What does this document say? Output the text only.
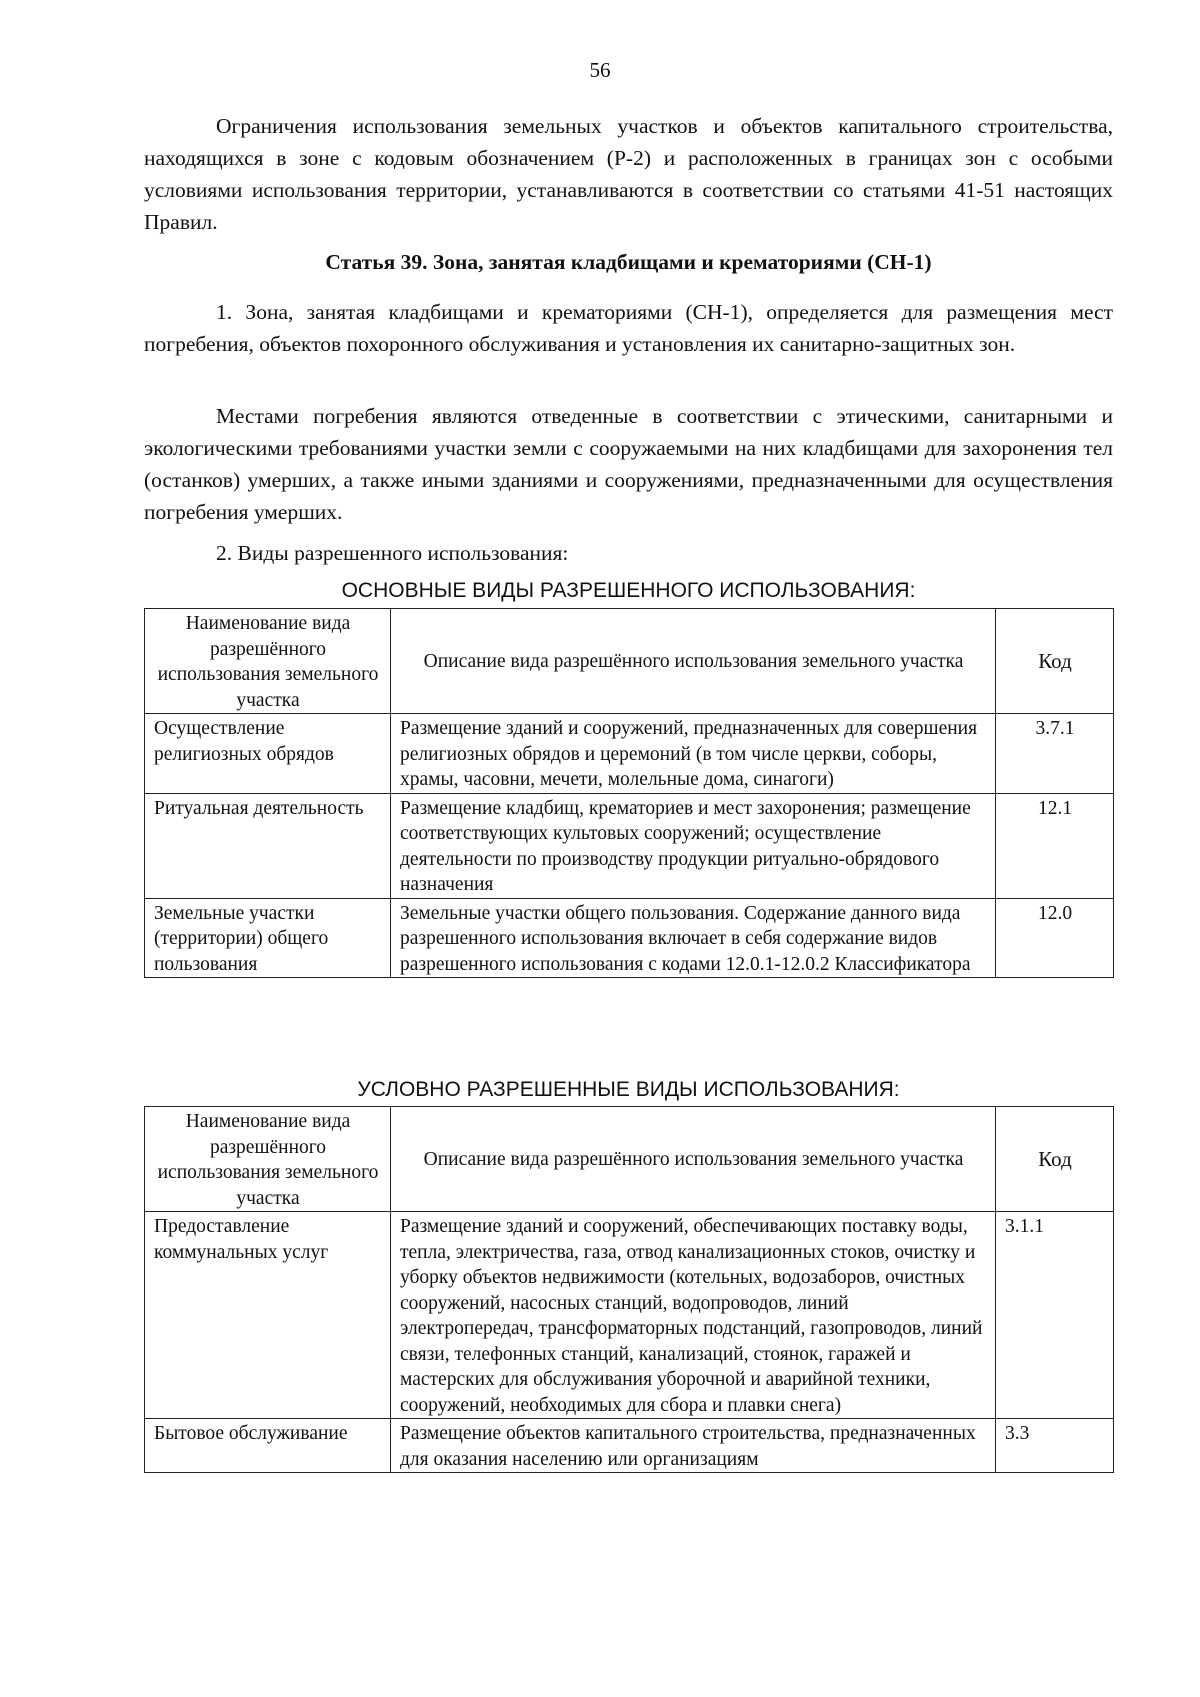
56

Ограничения использования земельных участков и объектов капитального строительства, находящихся в зоне с кодовым обозначением (Р-2) и расположенных в границах зон с особыми условиями использования территории, устанавливаются в соответствии со статьями 41-51 настоящих Правил.

Статья 39. Зона, занятая кладбищами и крематориями (СН-1)

1. Зона, занятая кладбищами и крематориями (СН-1), определяется для размещения мест погребения, объектов похоронного обслуживания и установления их санитарно-защитных зон.

Местами погребения являются отведенные в соответствии с этическими, санитарными и экологическими требованиями участки земли с сооружаемыми на них кладбищами для захоронения тел (останков) умерших, а также иными зданиями и сооружениями, предназначенными для осуществления погребения умерших.

2. Виды разрешенного использования:

ОСНОВНЫЕ ВИДЫ РАЗРЕШЕННОГО ИСПОЛЬЗОВАНИЯ:

Наименование вида разрешённого использования земельного участка	Описание вида разрешённого использования земельного участка	Код
Осуществление религиозных обрядов	Размещение зданий и сооружений, предназначенных для совершения религиозных обрядов и церемоний (в том числе церкви, соборы, храмы, часовни, мечети, молельные дома, синагоги)	3.7.1
Ритуальная деятельность	Размещение кладбищ, крематориев и мест захоронения; размещение соответствующих культовых сооружений; осуществление деятельности по производству продукции ритуально-обрядового назначения	12.1
Земельные участки (территории) общего пользования	Земельные участки общего пользования. Содержание данного вида разрешенного использования включает в себя содержание видов разрешенного использования с кодами 12.0.1-12.0.2 Классификатора	12.0

УСЛОВНО РАЗРЕШЕННЫЕ ВИДЫ ИСПОЛЬЗОВАНИЯ:

Наименование вида разрешённого использования земельного участка	Описание вида разрешённого использования земельного участка	Код
Предоставление коммунальных услуг	Размещение зданий и сооружений, обеспечивающих поставку воды, тепла, электричества, газа, отвод канализационных стоков, очистку и уборку объектов недвижимости (котельных, водозаборов, очистных сооружений, насосных станций, водопроводов, линий электропередач, трансформаторных подстанций, газопроводов, линий связи, телефонных станций, канализаций, стоянок, гаражей и мастерских для обслуживания уборочной и аварийной техники, сооружений, необходимых для сбора и плавки снега)	3.1.1
Бытовое обслуживание	Размещение объектов капитального строительства, предназначенных для оказания населению или организациям	3.3
